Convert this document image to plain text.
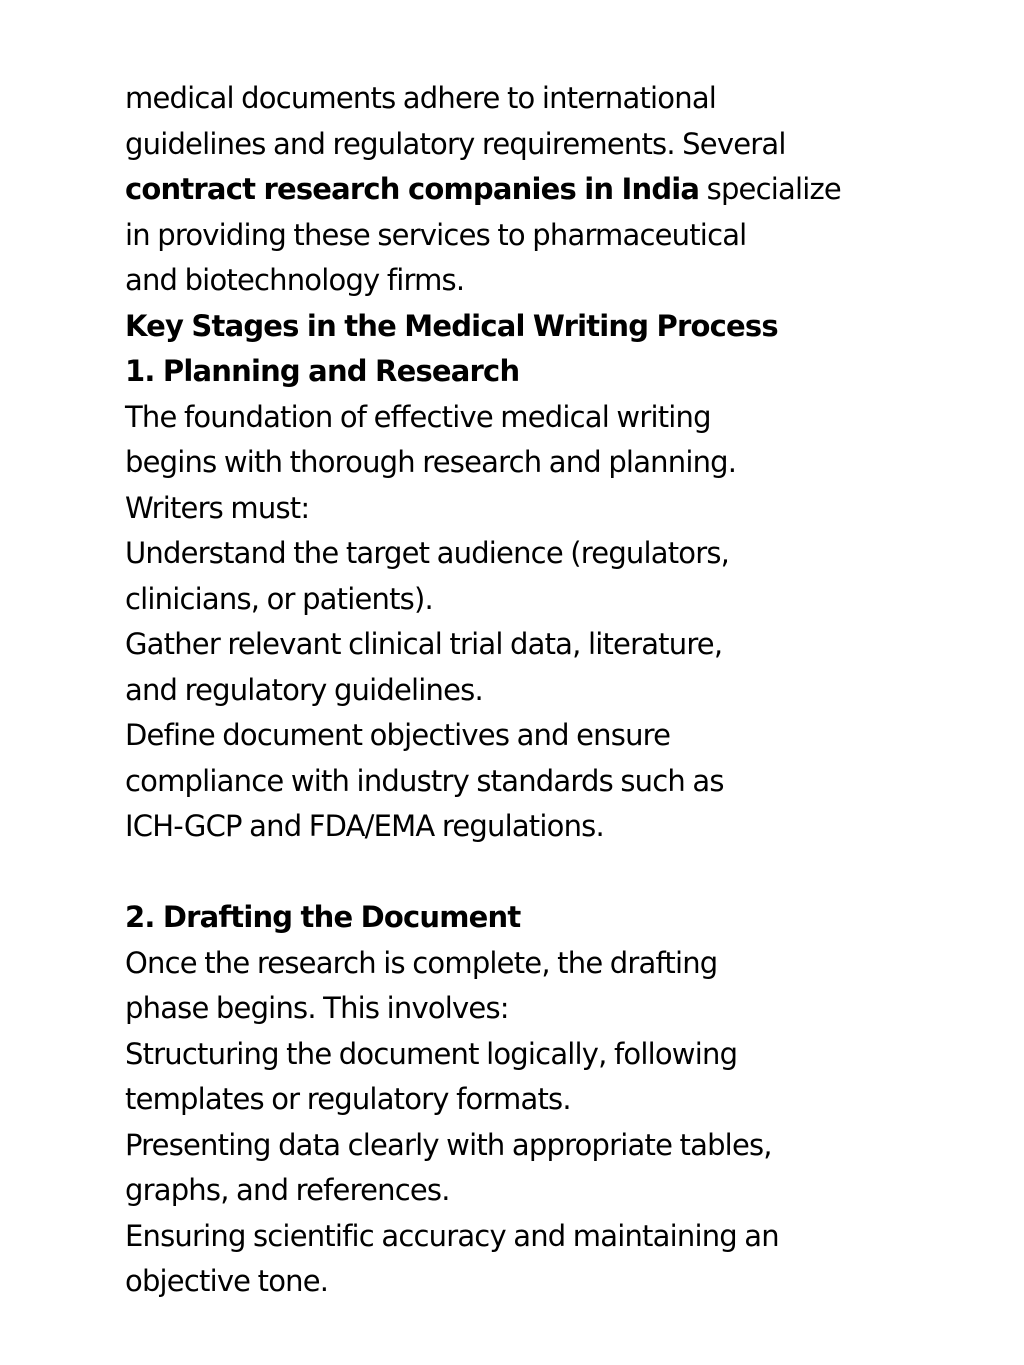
medical documents adhere to international
guidelines and regulatory requirements. Several
contract research companies in India specialize
in providing these services to pharmaceutical
and biotechnology firms.
Key Stages in the Medical Writing Process
1. Planning and Research
The foundation of effective medical writing
begins with thorough research and planning.
Writers must:
Understand the target audience (regulators,
clinicians, or patients).
Gather relevant clinical trial data, literature,
and regulatory guidelines.
Define document objectives and ensure
compliance with industry standards such as
ICH-GCP and FDA/EMA regulations.
2. Drafting the Document
Once the research is complete, the drafting
phase begins. This involves:
Structuring the document logically, following
templates or regulatory formats.
Presenting data clearly with appropriate tables,
graphs, and references.
Ensuring scientific accuracy and maintaining an
objective tone.
